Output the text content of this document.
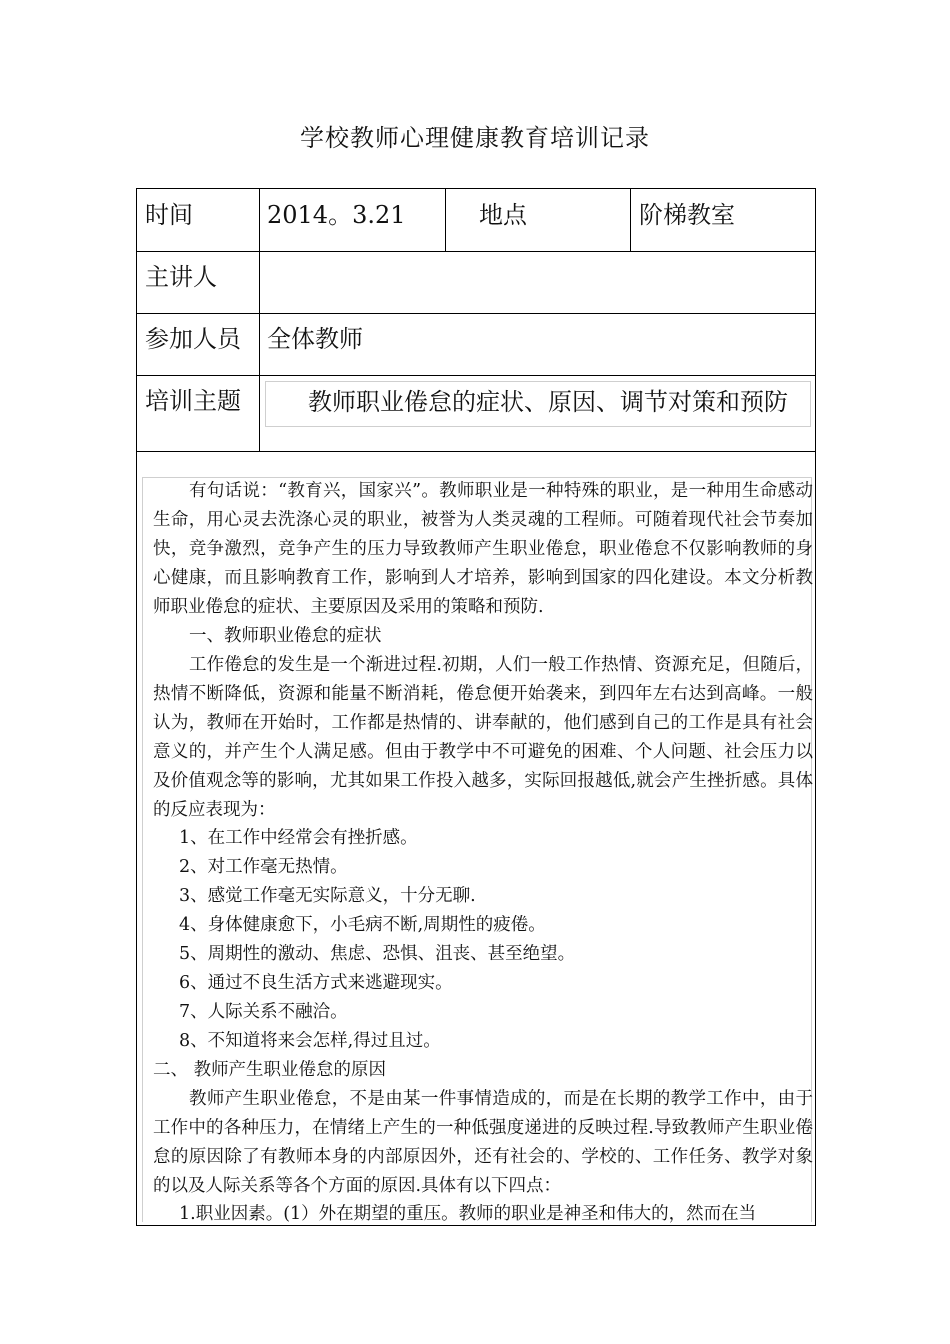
学校教师心理健康教育培训记录
时间	2014。3.21	地点	阶梯教室
主讲人
参加人员 全体教师
培训主题	教师职业倦怠的症状、原因、调节对策和预防
有句话说：“教育兴，国家兴”。教师职业是一种特殊的职业，是一种用生命感动生命，用心灵去洗涤心灵的职业，被誉为人类灵魂的工程师。可随着现代社会节奏加快，竞争激烈，竞争产生的压力导致教师产生职业倦怠，职业倦怠不仅影响教师的身心健康，而且影响教育工作，影响到人才培养，影响到国家的四化建设。本文分析教师职业倦怠的症状、主要原因及采用的策略和预防.
一、教师职业倦怠的症状
工作倦怠的发生是一个渐进过程.初期，人们一般工作热情、资源充足，但随后，热情不断降低，资源和能量不断消耗，倦怠便开始袭来，到四年左右达到高峰。一般认为，教师在开始时，工作都是热情的、讲奉献的，他们感到自己的工作是具有社会意义的，并产生个人满足感。但由于教学中不可避免的困难、个人问题、社会压力以及价值观念等的影响，尤其如果工作投入越多，实际回报越低,就会产生挫折感。具体的反应表现为：
1、在工作中经常会有挫折感。
2、对工作毫无热情。
3、感觉工作毫无实际意义，十分无聊.
4、身体健康愈下，小毛病不断,周期性的疲倦。
5、周期性的激动、焦虑、恐惧、沮丧、甚至绝望。
6、通过不良生活方式来逃避现实。
7、人际关系不融洽。
8、不知道将来会怎样,得过且过。
二、 教师产生职业倦怠的原因
教师产生职业倦怠，不是由某一件事情造成的，而是在长期的教学工作中，由于工作中的各种压力，在情绪上产生的一种低强度递进的反映过程.导致教师产生职业倦怠的原因除了有教师本身的内部原因外，还有社会的、学校的、工作任务、教学对象的以及人际关系等各个方面的原因.具体有以下四点：
1.职业因素。(1）外在期望的重压。教师的职业是神圣和伟大的，然而在当
